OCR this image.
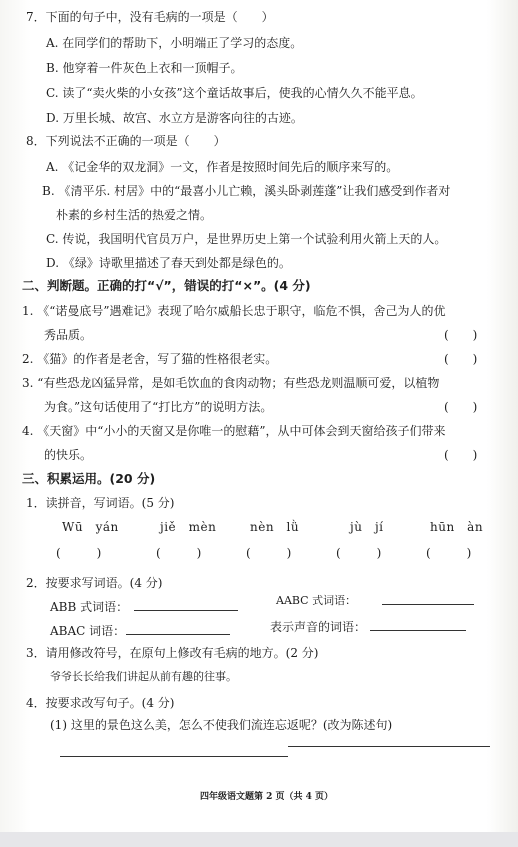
7．下面的句子中，没有毛病的一项是（　　）
A. 在同学们的帮助下，小明端正了学习的态度。
B. 他穿着一件灰色上衣和一顶帽子。
C. 读了“卖火柴的小女孩”这个童话故事后，使我的心情久久不能平息。
D. 万里长城、故宫、水立方是游客向往的古迹。
8．下列说法不正确的一项是（　　）
A. 《记金华的双龙洞》一文，作者是按照时间先后的顺序来写的。
B. 《清平乐. 村居》中的“最喜小儿亡赖，溪头卧剥莲蓬”让我们感受到作者对
朴素的乡村生活的热爱之情。
C. 传说，我国明代官员万户，是世界历史上第一个试验利用火箭上天的人。
D. 《绿》诗歌里描述了春天到处都是绿色的。
二、判断题。正确的打“√”，错误的打“×”。(4 分)
1. 《“诺曼底号”遇难记》表现了哈尔威船长忠于职守，临危不惧，舍己为人的优
秀品质。	(　　)
2. 《猫》的作者是老舍，写了猫的性格很老实。	(　　)
3. “有些恐龙凶猛异常，是如毛饮血的食肉动物；有些恐龙则温顺可爱，以植物
为食。”这句话使用了“打比方”的说明方法。	(　　)
4. 《天窗》中“小小的天窗又是你唯一的慰藉”，从中可体会到天窗给孩子们带来
的快乐。	(　　)
三、积累运用。(20 分)
1．读拼音，写词语。(5 分)
Wū　yán	jiě　mèn	nèn　lǜ	jù　jí	hūn　àn
(　　　)	(　　　)	(　　　)	(　　　)	(　　　)
2．按要求写词语。(4 分)
ABB 式词语：	AABC 式词语：
ABAC 词语：	表示声音的词语：
3．请用修改符号，在原句上修改有毛病的地方。(2 分)
爷爷长长给我们讲起从前有趣的往事。
4．按要求改写句子。(4 分)
(1) 这里的景色这么美，怎么不使我们流连忘返呢？(改为陈述句)
四年级语文题第 2 页（共 4 页）
